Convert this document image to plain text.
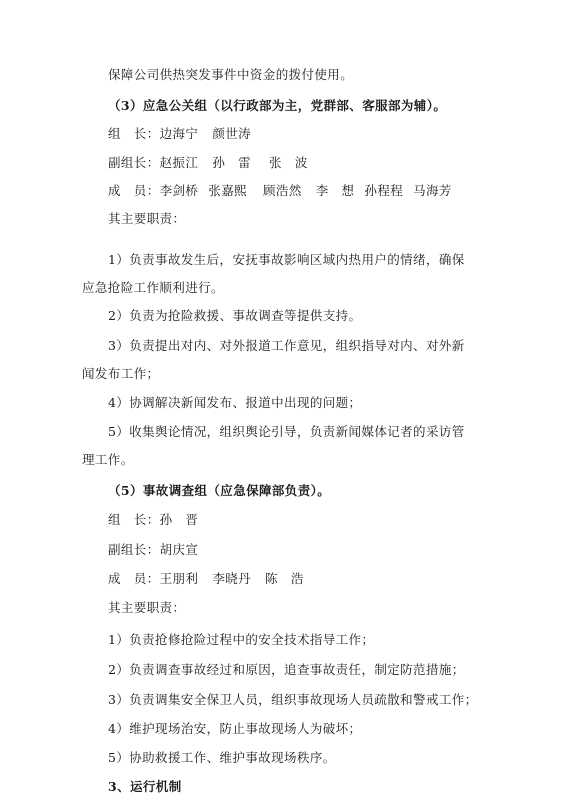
保障公司供热突发事件中资金的拨付使用。
（3）应急公关组（以行政部为主，党群部、客服部为辅）。
组　长： 边海宁 颜世涛
副组长： 赵振江 孙　雷 张　波
成　员： 李剑桥 张嘉熙 顾浩然 李　想 孙程程 马海芳
其主要职责：
1）负责事故发生后，安抚事故影响区域内热用户的情绪，确保
应急抢险工作顺利进行。
2）负责为抢险救援、事故调查等提供支持。
3）负责提出对内、对外报道工作意见，组织指导对内、对外新
闻发布工作；
4）协调解决新闻发布、报道中出现的问题；
5）收集舆论情况，组织舆论引导，负责新闻媒体记者的采访管
理工作。
（5）事故调查组（应急保障部负责）。
组　长： 孙　晋
副组长： 胡庆宣
成　员： 王朋利 李晓丹 陈　浩
其主要职责：
1）负责抢修抢险过程中的安全技术指导工作；
2）负责调查事故经过和原因，追查事故责任，制定防范措施；
3）负责调集安全保卫人员，组织事故现场人员疏散和警戒工作；
4）维护现场治安，防止事故现场人为破坏；
5）协助救援工作、维护事故现场秩序。
3、运行机制
